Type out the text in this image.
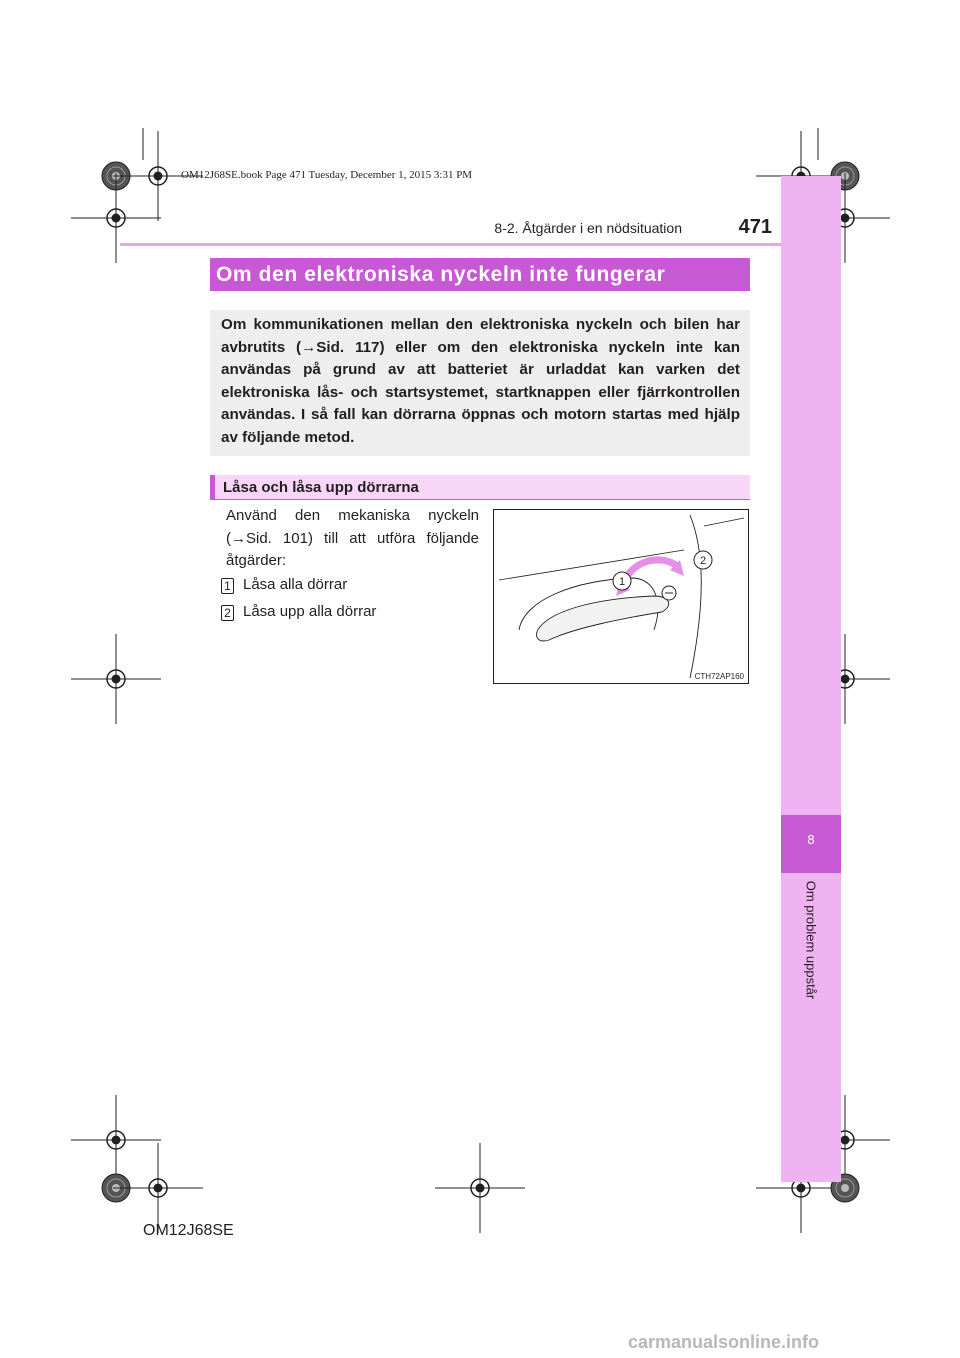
OM12J68SE.book Page 471 Tuesday, December 1, 2015 3:31 PM
8-2. Åtgärder i en nödsituation	471
8
Om problem uppstår
Om den elektroniska nyckeln inte fungerar

Om kommunikationen mellan den elektroniska nyckeln och bilen har avbrutits (→Sid. 117) eller om den elektroniska nyckeln inte kan användas på grund av att batteriet är urladdat kan varken det elektroniska lås- och startsystemet, startknappen eller fjärrkontrollen användas. I så fall kan dörrarna öppnas och motorn startas med hjälp av följande metod.

Låsa och låsa upp dörrarna

Använd den mekaniska nyckeln (→Sid. 101) till att utföra följande åtgärder:

1 Låsa alla dörrar
2 Låsa upp alla dörrar
1
2
CTH72AP160
OM12J68SE
carmanualsonline.info
